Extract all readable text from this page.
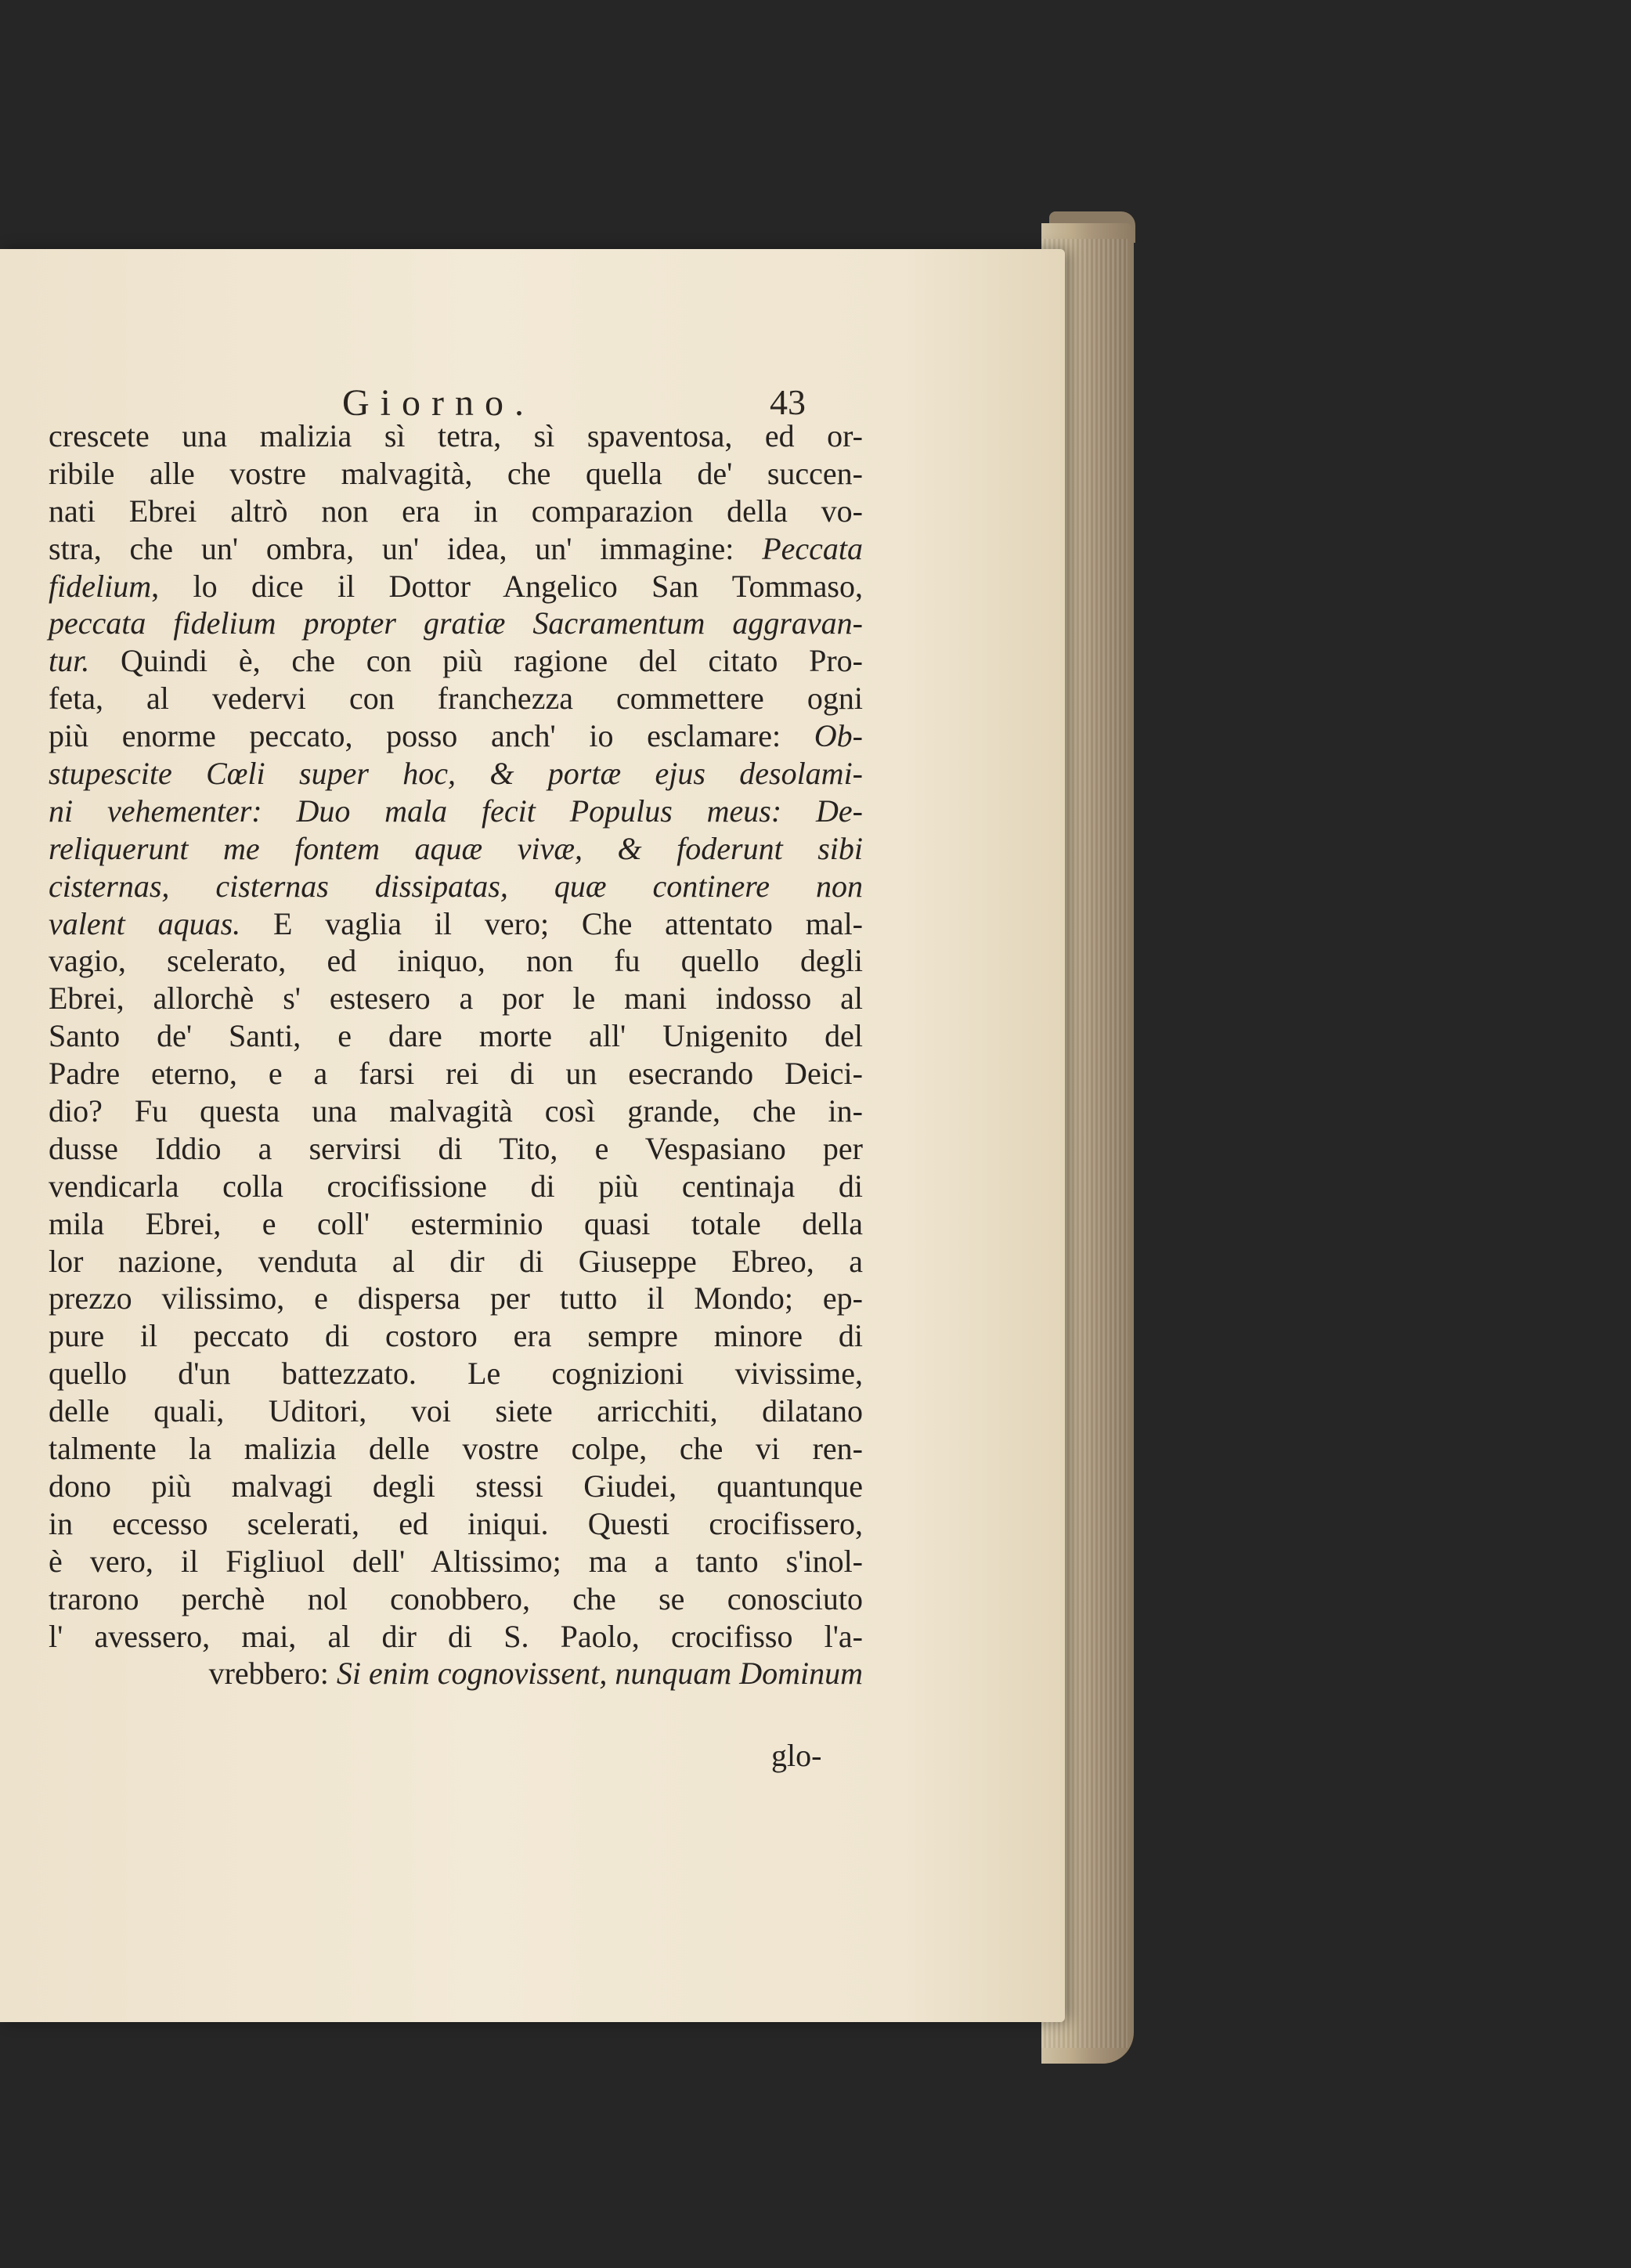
Giorno.	43
crescete una malizia sì tetra, sì spaventosa, ed or-
ribile alle vostre malvagità, che quella de' succen-
nati Ebrei altrò non era in comparazion della vo-
stra, che un' ombra, un' idea, un' immagine: Peccata
fidelium, lo dice il Dottor Angelico San Tommaso,
peccata fidelium propter gratiæ Sacramentum aggravan-
tur. Quindi è, che con più ragione del citato Pro-
feta, al vedervi con franchezza commettere ogni
più enorme peccato, posso anch' io esclamare: Ob-
stupescite Cœli super hoc, & portæ ejus desolami-
ni vehementer: Duo mala fecit Populus meus: De-
reliquerunt me fontem aquæ vivæ, & foderunt sibi
cisternas, cisternas dissipatas, quæ continere non
valent aquas. E vaglia il vero; Che attentato mal-
vagio, scelerato, ed iniquo, non fu quello degli
Ebrei, allorchè s' estesero a por le mani indosso al
Santo de' Santi, e dare morte all' Unigenito del
Padre eterno, e a farsi rei di un esecrando Deici-
dio? Fu questa una malvagità così grande, che in-
dusse Iddio a servirsi di Tito, e Vespasiano per
vendicarla colla crocifissione di più centinaja di
mila Ebrei, e coll' esterminio quasi totale della
lor nazione, venduta al dir di Giuseppe Ebreo, a
prezzo vilissimo, e dispersa per tutto il Mondo; ep-
pure il peccato di costoro era sempre minore di
quello d'un battezzato. Le cognizioni vivissime,
delle quali, Uditori, voi siete arricchiti, dilatano
talmente la malizia delle vostre colpe, che vi ren-
dono più malvagi degli stessi Giudei, quantunque
in eccesso scelerati, ed iniqui. Questi crocifissero,
è vero, il Figliuol dell' Altissimo; ma a tanto s'inol-
trarono perchè nol conobbero, che se conosciuto
l' avessero, mai, al dir di S. Paolo, crocifisso l'a-
vrebbero: Si enim cognovissent, nunquam Dominum
glo-
